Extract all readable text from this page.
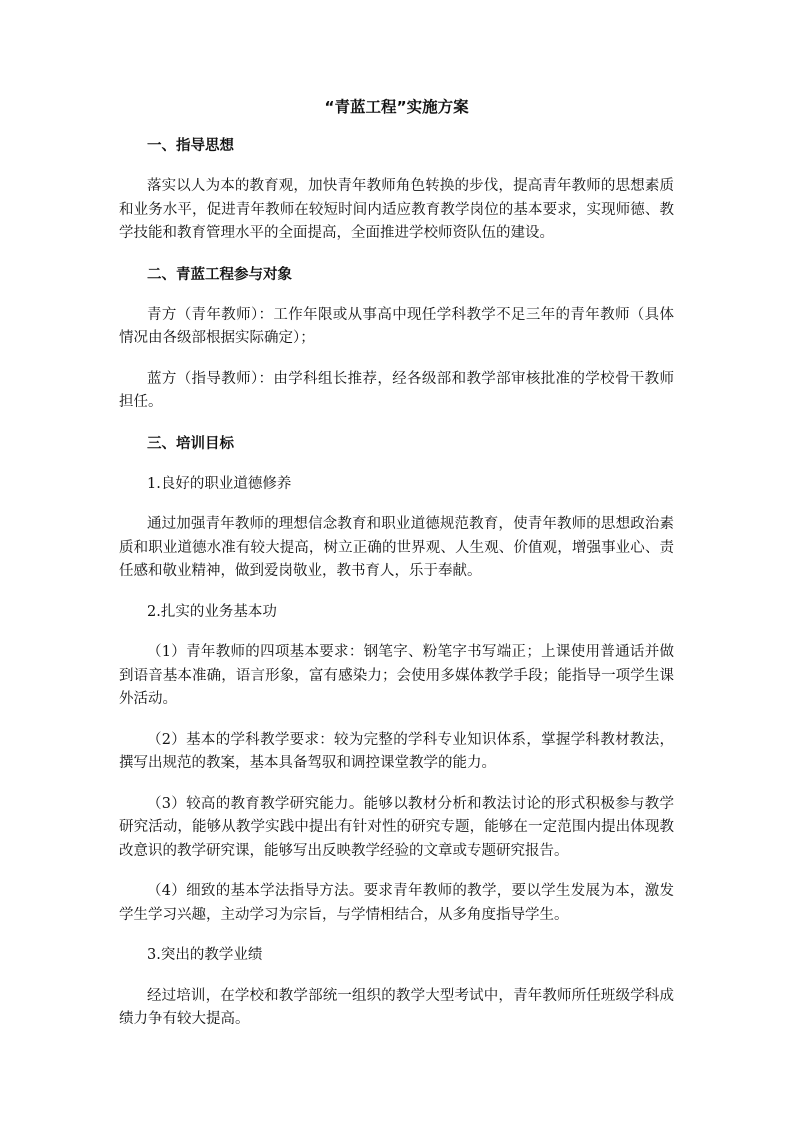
“青蓝工程”实施方案
一、指导思想
落实以人为本的教育观，加快青年教师角色转换的步伐，提高青年教师的思想素质和业务水平，促进青年教师在较短时间内适应教育教学岗位的基本要求，实现师德、教学技能和教育管理水平的全面提高，全面推进学校师资队伍的建设。
二、青蓝工程参与对象
青方（青年教师）：工作年限或从事高中现任学科教学不足三年的青年教师（具体情况由各级部根据实际确定）；
蓝方（指导教师）：由学科组长推荐，经各级部和教学部审核批准的学校骨干教师担任。
三、培训目标
1.良好的职业道德修养
通过加强青年教师的理想信念教育和职业道德规范教育，使青年教师的思想政治素质和职业道德水准有较大提高，树立正确的世界观、人生观、价值观，增强事业心、责任感和敬业精神，做到爱岗敬业，教书育人，乐于奉献。
2.扎实的业务基本功
（1）青年教师的四项基本要求：钢笔字、粉笔字书写端正；上课使用普通话并做到语音基本准确，语言形象，富有感染力；会使用多媒体教学手段；能指导一项学生课外活动。
（2）基本的学科教学要求：较为完整的学科专业知识体系，掌握学科教材教法，撰写出规范的教案，基本具备驾驭和调控课堂教学的能力。
（3）较高的教育教学研究能力。能够以教材分析和教法讨论的形式积极参与教学研究活动，能够从教学实践中提出有针对性的研究专题，能够在一定范围内提出体现教改意识的教学研究课，能够写出反映教学经验的文章或专题研究报告。
（4）细致的基本学法指导方法。要求青年教师的教学，要以学生发展为本，激发学生学习兴趣，主动学习为宗旨，与学情相结合，从多角度指导学生。
3.突出的教学业绩
经过培训，在学校和教学部统一组织的教学大型考试中，青年教师所任班级学科成绩力争有较大提高。
